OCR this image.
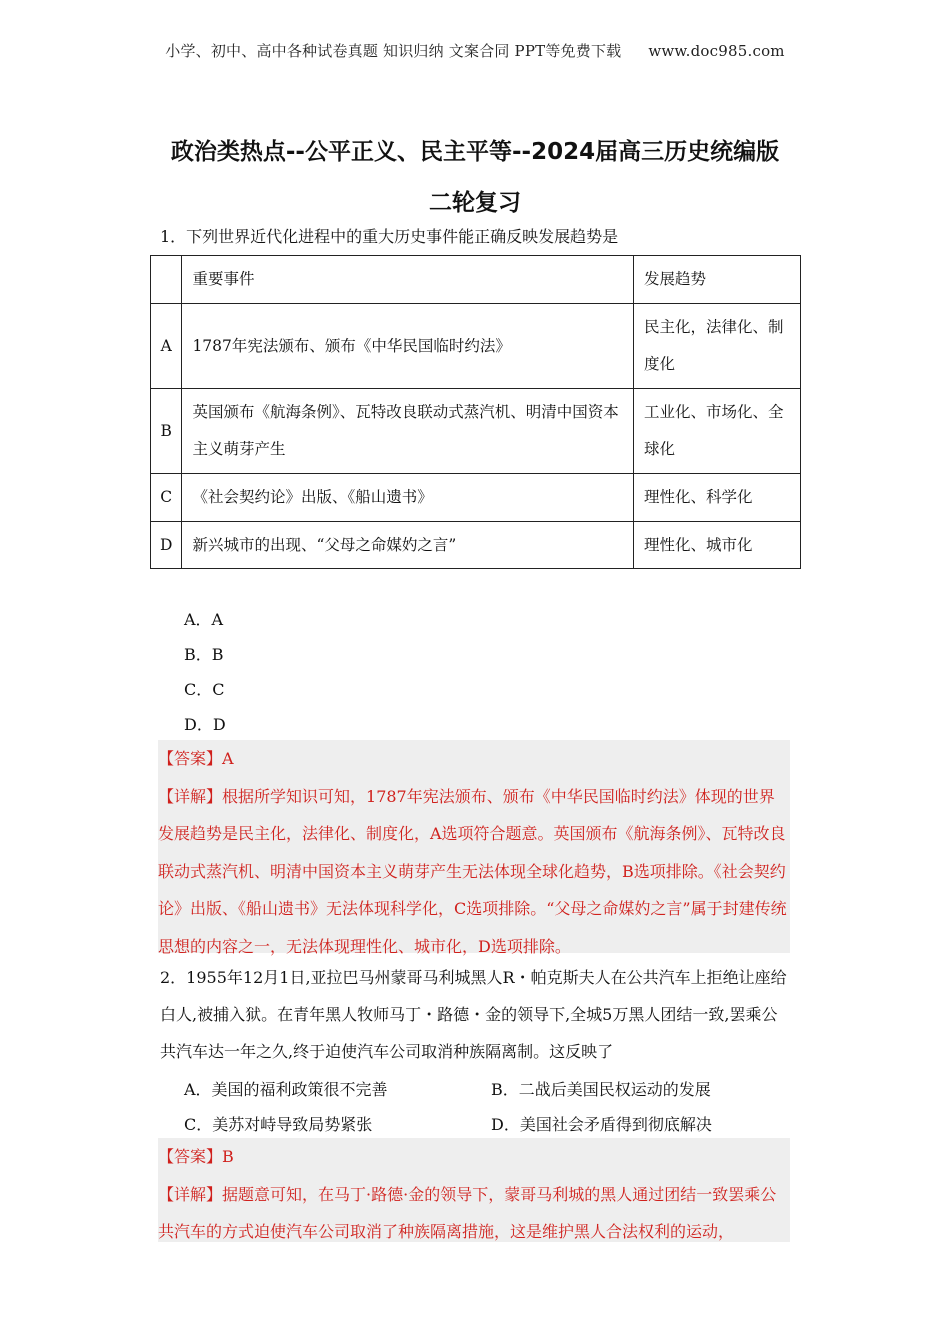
小学、初中、高中各种试卷真题 知识归纳 文案合同 PPT等免费下载 www.doc985.com
政治类热点--公平正义、民主平等--2024届高三历史统编版
二轮复习
1．下列世界近代化进程中的重大历史事件能正确反映发展趋势是
	重要事件	发展趋势
A	1787年宪法颁布、颁布《中华民国临时约法》	民主化，法律化、制度化
B	英国颁布《航海条例》、瓦特改良联动式蒸汽机、明清中国资本主义萌芽产生	工业化、市场化、全球化
C	《社会契约论》出版、《船山遗书》	理性化、科学化
D	新兴城市的出现、“父母之命媒妁之言”	理性化、城市化
A．A
B．B
C．C
D．D
【答案】A
【详解】根据所学知识可知，1787年宪法颁布、颁布《中华民国临时约法》体现的世界发展趋势是民主化，法律化、制度化，A选项符合题意。英国颁布《航海条例》、瓦特改良联动式蒸汽机、明清中国资本主义萌芽产生无法体现全球化趋势，B选项排除。《社会契约论》出版、《船山遗书》无法体现科学化，C选项排除。“父母之命媒妁之言”属于封建传统思想的内容之一，无法体现理性化、城市化，D选项排除。
2．1955年12月1日,亚拉巴马州蒙哥马利城黑人R・帕克斯夫人在公共汽车上拒绝让座给白人,被捕入狱。在青年黑人牧师马丁・路德・金的领导下,全城5万黑人团结一致,罢乘公共汽车达一年之久,终于迫使汽车公司取消种族隔离制。这反映了
A．美国的福利政策很不完善	B．二战后美国民权运动的发展
C．美苏对峙导致局势紧张	D．美国社会矛盾得到彻底解决
【答案】B
【详解】据题意可知，在马丁·路德·金的领导下，蒙哥马利城的黑人通过团结一致罢乘公共汽车的方式迫使汽车公司取消了种族隔离措施，这是维护黑人合法权利的运动，
